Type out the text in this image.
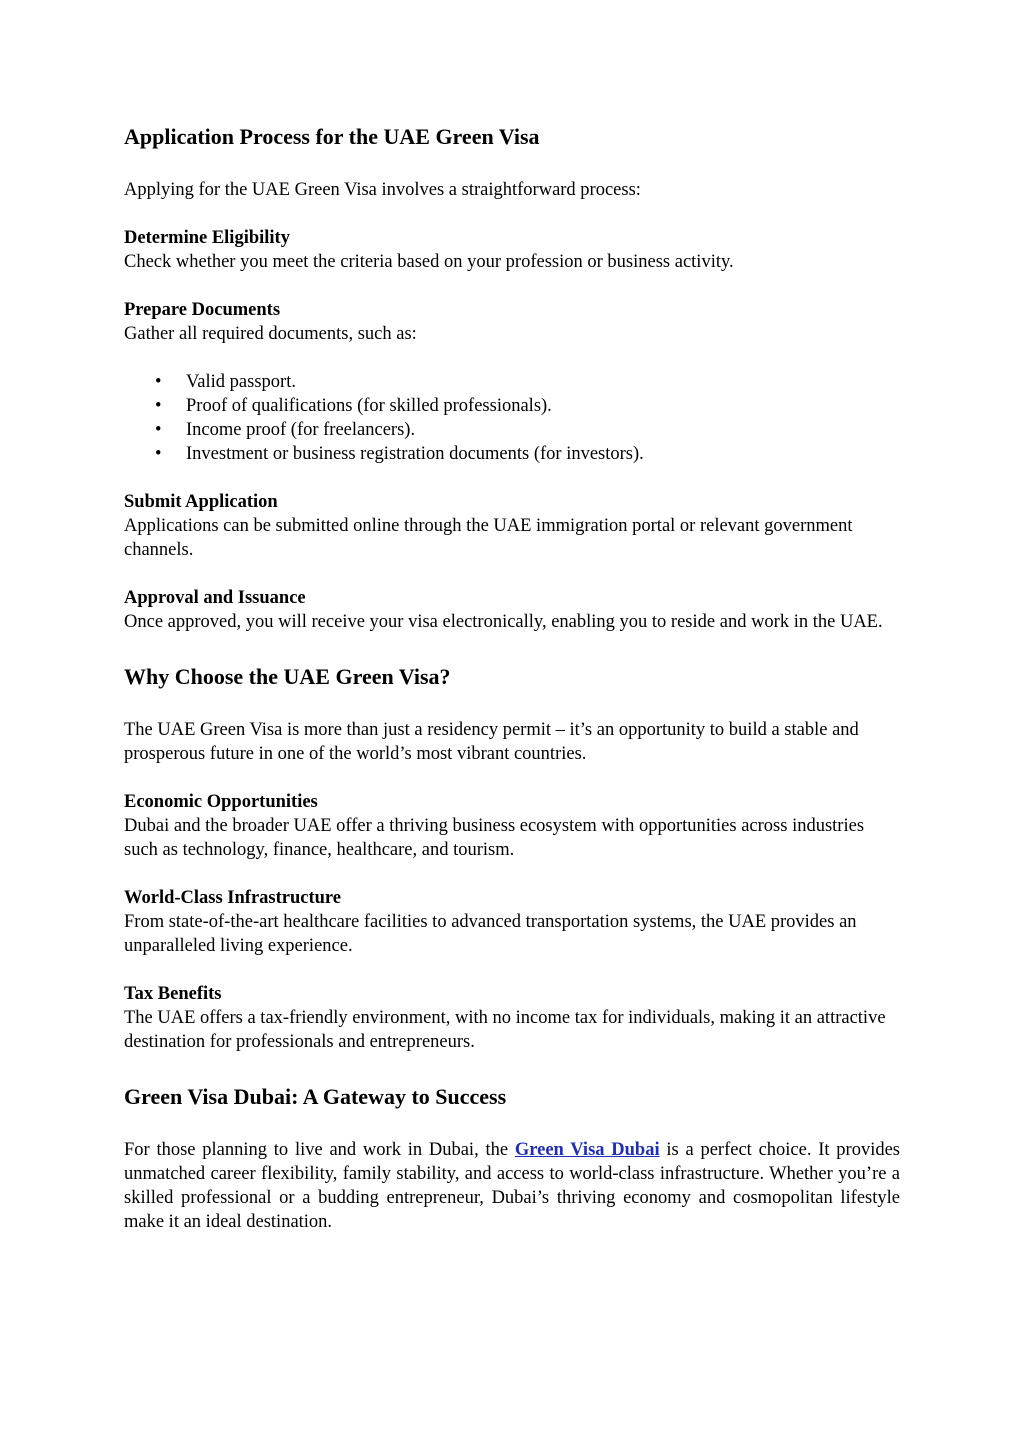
Application Process for the UAE Green Visa

Applying for the UAE Green Visa involves a straightforward process:

Determine Eligibility
Check whether you meet the criteria based on your profession or business activity.
Prepare Documents
Gather all required documents, such as:
• Valid passport.
• Proof of qualifications (for skilled professionals).
• Income proof (for freelancers).
• Investment or business registration documents (for investors).
Submit Application
Applications can be submitted online through the UAE immigration portal or relevant government channels.
Approval and Issuance
Once approved, you will receive your visa electronically, enabling you to reside and work in the UAE.
Why Choose the UAE Green Visa?

The UAE Green Visa is more than just a residency permit – it’s an opportunity to build a stable and prosperous future in one of the world’s most vibrant countries.

Economic Opportunities
Dubai and the broader UAE offer a thriving business ecosystem with opportunities across industries such as technology, finance, healthcare, and tourism.
World-Class Infrastructure
From state-of-the-art healthcare facilities to advanced transportation systems, the UAE provides an unparalleled living experience.
Tax Benefits
The UAE offers a tax-friendly environment, with no income tax for individuals, making it an attractive destination for professionals and entrepreneurs.
Green Visa Dubai: A Gateway to Success

For those planning to live and work in Dubai, the Green Visa Dubai is a perfect choice. It provides unmatched career flexibility, family stability, and access to world-class infrastructure. Whether you’re a skilled professional or a budding entrepreneur, Dubai’s thriving economy and cosmopolitan lifestyle make it an ideal destination.
